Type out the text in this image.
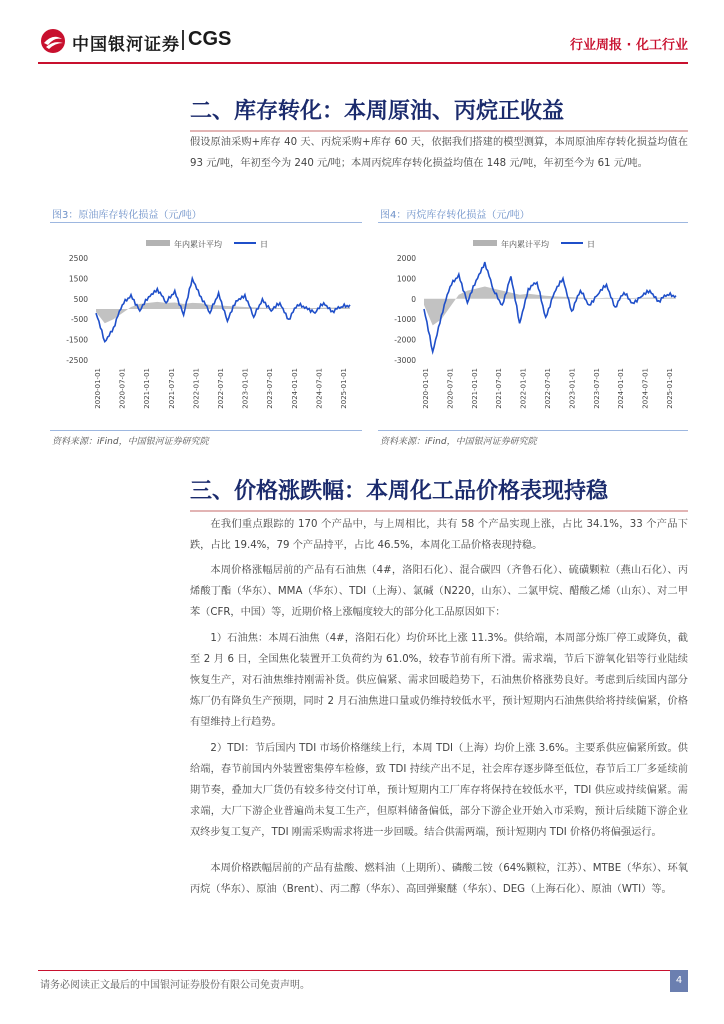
中国银河证券 CGS	行业周报 · 化工行业
二、库存转化：本周原油、丙烷正收益
假设原油采购+库存 40 天、丙烷采购+库存 60 天，依据我们搭建的模型测算，本周原油库存转化损益均值在 93 元/吨，年初至今为 240 元/吨；本周丙烷库存转化损益均值在 148 元/吨，年初至今为 61 元/吨。
图3：原油库存转化损益（元/吨）	图4：丙烷库存转化损益（元/吨）
年内累计平均	日
2500
1500
500
-500
-1500
-2500
2020-01-01 2020-07-01 2021-01-01 2021-07-01 2022-01-01 2022-07-01 2023-01-01 2023-07-01 2024-01-01 2024-07-01 2025-01-01
年内累计平均	日
2000
1000
0
-1000
-2000
-3000
2020-01-01 2020-07-01 2021-01-01 2021-07-01 2022-01-01 2022-07-01 2023-01-01 2023-07-01 2024-01-01 2024-07-01 2025-01-01
资料来源：iFind，中国银河证券研究院	资料来源：iFind，中国银河证券研究院
三、价格涨跌幅：本周化工品价格表现持稳
在我们重点跟踪的 170 个产品中，与上周相比，共有 58 个产品实现上涨，占比 34.1%，33 个产品下跌，占比 19.4%，79 个产品持平，占比 46.5%，本周化工品价格表现持稳。
本周价格涨幅居前的产品有石油焦（4#，洛阳石化）、混合碳四（齐鲁石化）、硫磺颗粒（燕山石化）、丙烯酸丁酯（华东）、MMA（华东）、TDI（上海）、氯碱（N220，山东）、二氯甲烷、醋酸乙烯（山东）、对二甲苯（CFR，中国）等，近期价格上涨幅度较大的部分化工品原因如下：
1）石油焦：本周石油焦（4#，洛阳石化）均价环比上涨 11.3%。供给端，本周部分炼厂停工或降负，截至 2 月 6 日，全国焦化装置开工负荷约为 61.0%，较春节前有所下滑。需求端，节后下游氧化铝等行业陆续恢复生产，对石油焦维持刚需补货。供应偏紧、需求回暖趋势下，石油焦价格涨势良好。考虑到后续国内部分炼厂仍有降负生产预期，同时 2 月石油焦进口量或仍维持较低水平，预计短期内石油焦供给将持续偏紧，价格有望维持上行趋势。
2）TDI：节后国内 TDI 市场价格继续上行，本周 TDI（上海）均价上涨 3.6%。主要系供应偏紧所致。供给端，春节前国内外装置密集停车检修，致 TDI 持续产出不足，社会库存逐步降至低位，春节后工厂多延续前期节奏，叠加大厂货仍有较多待交付订单，预计短期内工厂库存将保持在较低水平，TDI 供应或持续偏紧。需求端，大厂下游企业普遍尚未复工生产，但原料储备偏低，部分下游企业开始入市采购，预计后续随下游企业双终步复工复产，TDI 刚需采购需求将进一步回暖。结合供需两端，预计短期内 TDI 价格仍将偏强运行。
本周价格跌幅居前的产品有盐酸、燃料油（上期所）、磷酸二铵（64%颗粒，江苏）、MTBE（华东）、环氧丙烷（华东）、原油（Brent）、丙二醇（华东）、高回弹聚醚（华东）、DEG（上海石化）、原油（WTI）等。
请务必阅读正文最后的中国银河证券股份有限公司免责声明。	4
